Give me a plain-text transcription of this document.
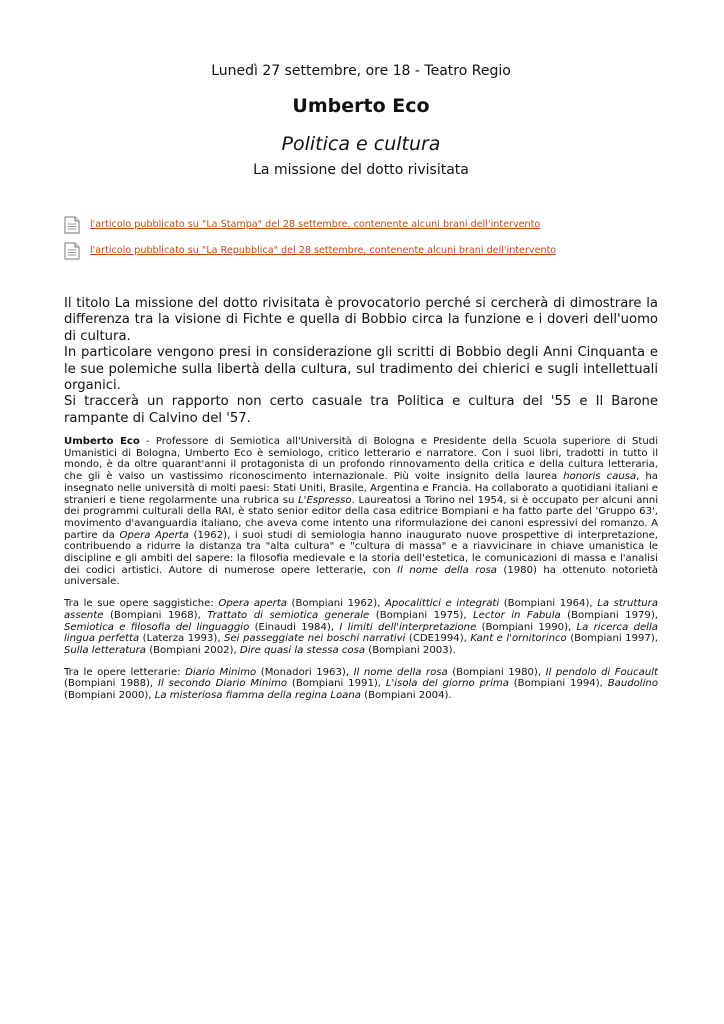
Lunedì 27 settembre, ore 18 - Teatro Regio
Umberto Eco
Politica e cultura
La missione del dotto rivisitata
l'articolo pubblicato su "La Stampa" del 28 settembre, contenente alcuni brani dell'intervento
l'articolo pubblicato su "La Repubblica" del 28 settembre, contenente alcuni brani dell'intervento

Il titolo La missione del dotto rivisitata è provocatorio perché si cercherà di dimostrare la differenza tra la visione di Fichte e quella di Bobbio circa la funzione e i doveri dell'uomo di cultura.

In particolare vengono presi in considerazione gli scritti di Bobbio degli Anni Cinquanta e le sue polemiche sulla libertà della cultura, sul tradimento dei chierici e sugli intellettuali organici.

Si traccerà un rapporto non certo casuale tra Politica e cultura del '55 e Il Barone rampante di Calvino del '57.

Umberto Eco - Professore di Semiotica all'Università di Bologna e Presidente della Scuola superiore di Studi Umanistici di Bologna, Umberto Eco è semiologo, critico letterario e narratore. Con i suoi libri, tradotti in tutto il mondo, è da oltre quarant'anni il protagonista di un profondo rinnovamento della critica e della cultura letteraria, che gli è valso un vastissimo riconoscimento internazionale. Più volte insignito della laurea honoris causa, ha insegnato nelle università di molti paesi: Stati Uniti, Brasile, Argentina e Francia. Ha collaborato a quotidiani italiani e stranieri e tiene regolarmente una rubrica su L'Espresso. Laureatosi a Torino nel 1954, si è occupato per alcuni anni dei programmi culturali della RAI, è stato senior editor della casa editrice Bompiani e ha fatto parte del 'Gruppo 63', movimento d'avanguardia italiano, che aveva come intento una riformulazione dei canoni espressivi del romanzo. A partire da Opera Aperta (1962), i suoi studi di semiologia hanno inaugurato nuove prospettive di interpretazione, contribuendo a ridurre la distanza tra "alta cultura" e "cultura di massa" e a riavvicinare in chiave umanistica le discipline e gli ambiti del sapere: la filosofia medievale e la storia dell'estetica, le comunicazioni di massa e l'analisi dei codici artistici. Autore di numerose opere letterarie, con Il nome della rosa (1980) ha ottenuto notorietà universale.

Tra le sue opere saggistiche: Opera aperta (Bompiani 1962), Apocalittici e integrati (Bompiani 1964), La struttura assente (Bompiani 1968), Trattato di semiotica generale (Bompiani 1975), Lector in Fabula (Bompiani 1979), Semiotica e filosofia del linguaggio (Einaudi 1984), I limiti dell'interpretazione (Bompiani 1990), La ricerca della lingua perfetta (Laterza 1993), Sei passeggiate nei boschi narrativi (CDE1994), Kant e l'ornitorinco (Bompiani 1997), Sulla letteratura (Bompiani 2002), Dire quasi la stessa cosa (Bompiani 2003).

Tra le opere letterarie: Diario Minimo (Monadori 1963), Il nome della rosa (Bompiani 1980), Il pendolo di Foucault (Bompiani 1988), Il secondo Diario Minimo (Bompiani 1991), L'isola del giorno prima (Bompiani 1994), Baudolino (Bompiani 2000), La misteriosa fiamma della regina Loana (Bompiani 2004).
